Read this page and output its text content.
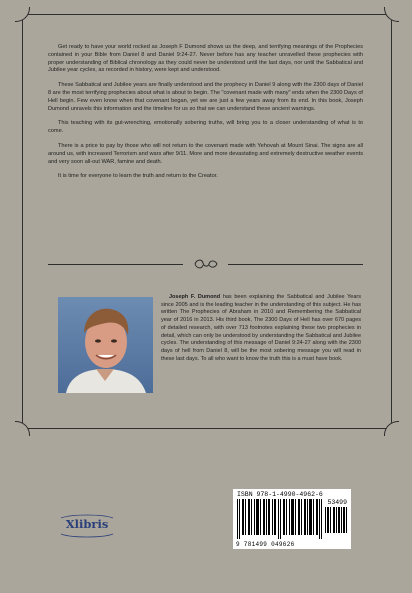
Get ready to have your world rocked as Joseph F Dumond shows us the deep, and terrifying meanings of the Prophecies contained in your Bible from Daniel 8 and Daniel 9:24-27. Never before has any teacher unravelled these prophecies with proper understanding of Biblical chronology as they could never be understood until the last days, nor until the Sabbatical and Jubilee year cycles, as recorded in history, were kept and understood.

These Sabbatical and Jubilee years are finally understood and the prophecy in Daniel 9 along with the 2300 days of Daniel 8 are the most terrifying prophecies about what is about to begin. The "covenant made with many" ends when the 2300 Days of Hell begin. Few even know when that covenant began, yet we are just a few years away from its end. In this book, Joseph Dumond unravels this information and the timeline for us so that we can understand these ancient warnings.

This teaching with its gut-wrenching, emotionally sobering truths, will bring you to a closer understanding of what is to come.

There is a price to pay by those who will not return to the covenant made with Yehovah at Mount Sinai. The signs are all around us, with increased Terrorism and wars after 9/11. More and more devastating and extremely destructive weather events and very soon all-out WAR, famine and death.

It is time for everyone to learn the truth and return to the Creator.

Joseph F. Dumond has been explaining the Sabbatical and Jubilee Years since 2005 and is the leading teacher in the understanding of this subject. He has written The Prophecies of Abraham in 2010 and Remembering the Sabbatical year of 2016 in 2013. His third book, The 2300 Days of Hell has over 670 pages of detailed research, with over 713 footnotes explaining these two prophecies in detail, which can only be understood by understanding the Sabbatical and Jubilee cycles. The understanding of this message of Daniel 9:24-27 along with the 2300 days of hell from Daniel 8, will be the most sobering message you will read in these last days. To all who want to know the truth this is a must have book.
ISBN 978-1-4990-4962-6
53499
9 781499 049626
Xlibris
